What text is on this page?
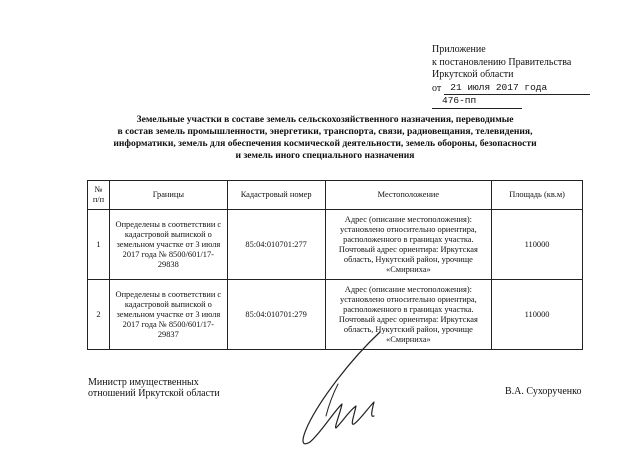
Приложение
к постановлению Правительства
Иркутской области
от 21 июля 2017 года
476-пп
Земельные участки в составе земель сельскохозяйственного назначения, переводимые
в состав земель промышленности, энергетики, транспорта, связи, радиовещания, телевидения,
информатики, земель для обеспечения космической деятельности, земель обороны, безопасности
и земель иного специального назначения
№ п/п	Границы	Кадастровый номер	Местоположение	Площадь (кв.м)
1	Определены в соответствии с кадастровой выпиской о земельном участке от 3 июля 2017 года № 8500/601/17-29838	85:04:010701:277	Адрес (описание местоположения): установлено относительно ориентира, расположенного в границах участка. Почтовый адрес ориентира: Иркутская область, Нукутский район, урочище «Смирниха»	110000
2	Определены в соответствии с кадастровой выпиской о земельном участке от 3 июля 2017 года № 8500/601/17-29837	85:04:010701:279	Адрес (описание местоположения): установлено относительно ориентира, расположенного в границах участка. Почтовый адрес ориентира: Иркутская область, Нукутский район, урочище «Смирниха»	110000
Министр имущественных
отношений Иркутской области	В.А. Сухорученко
